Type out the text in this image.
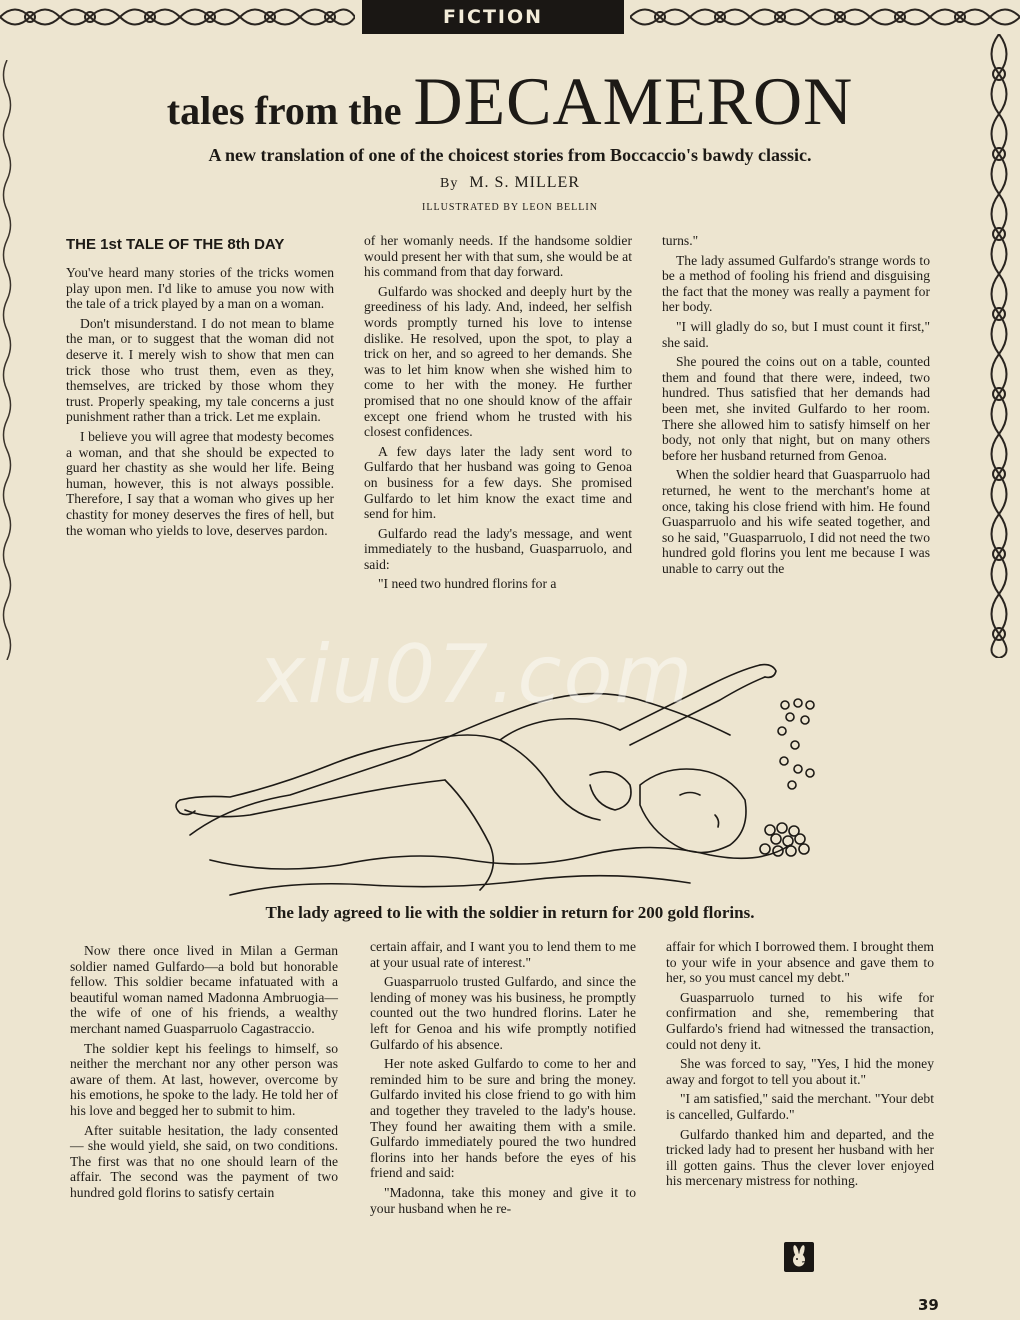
FICTION
tales from the DECAMERON
A new translation of one of the choicest stories from Boccaccio's bawdy classic.
By M. S. MILLER
ILLUSTRATED BY LEON BELLIN
THE 1st TALE OF THE 8th DAY

You've heard many stories of the tricks women play upon men. I'd like to amuse you now with the tale of a trick played by a man on a woman.

Don't misunderstand. I do not mean to blame the man, or to suggest that the woman did not deserve it. I merely wish to show that men can trick those who trust them, even as they, themselves, are tricked by those whom they trust. Properly speaking, my tale concerns a just punishment rather than a trick. Let me explain.

I believe you will agree that modesty becomes a woman, and that she should be expected to guard her chastity as she would her life. Being human, however, this is not always possible. Therefore, I say that a woman who gives up her chastity for money deserves the fires of hell, but the woman who yields to love, deserves pardon.

of her womanly needs. If the handsome soldier would present her with that sum, she would be at his command from that day forward.

Gulfardo was shocked and deeply hurt by the greediness of his lady. And, indeed, her selfish words promptly turned his love to intense dislike. He resolved, upon the spot, to play a trick on her, and so agreed to her demands. She was to let him know when she wished him to come to her with the money. He further promised that no one should know of the affair except one friend whom he trusted with his closest confidences.

A few days later the lady sent word to Gulfardo that her husband was going to Genoa on business for a few days. She promised Gulfardo to let him know the exact time and send for him.

Gulfardo read the lady's message, and went immediately to the husband, Guasparruolo, and said:

"I need two hundred florins for a

turns."

The lady assumed Gulfardo's strange words to be a method of fooling his friend and disguising the fact that the money was really a payment for her body.

"I will gladly do so, but I must count it first," she said.

She poured the coins out on a table, counted them and found that there were, indeed, two hundred. Thus satisfied that her demands had been met, she invited Gulfardo to her room. There she allowed him to satisfy himself on her body, not only that night, but on many others before her husband returned from Genoa.

When the soldier heard that Guasparruolo had returned, he went to the merchant's home at once, taking his close friend with him. He found Guasparruolo and his wife seated together, and so he said, "Guasparruolo, I did not need the two hundred gold florins you lent me because I was unable to carry out the

xiu07.com
The lady agreed to lie with the soldier in return for 200 gold florins.

Now there once lived in Milan a German soldier named Gulfardo—a bold but honorable fellow. This soldier became infatuated with a beautiful woman named Madonna Ambruogia—the wife of one of his friends, a wealthy merchant named Guasparruolo Cagastraccio.

The soldier kept his feelings to himself, so neither the merchant nor any other person was aware of them. At last, however, overcome by his emotions, he spoke to the lady. He told her of his love and begged her to submit to him.

After suitable hesitation, the lady consented — she would yield, she said, on two conditions. The first was that no one should learn of the affair. The second was the payment of two hundred gold florins to satisfy certain

certain affair, and I want you to lend them to me at your usual rate of interest."

Guasparruolo trusted Gulfardo, and since the lending of money was his business, he promptly counted out the two hundred florins. Later he left for Genoa and his wife promptly notified Gulfardo of his absence.

Her note asked Gulfardo to come to her and reminded him to be sure and bring the money. Gulfardo invited his close friend to go with him and together they traveled to the lady's house. They found her awaiting them with a smile. Gulfardo immediately poured the two hundred florins into her hands before the eyes of his friend and said:

"Madonna, take this money and give it to your husband when he re-

affair for which I borrowed them. I brought them to your wife in your absence and gave them to her, so you must cancel my debt."

Guasparruolo turned to his wife for confirmation and she, remembering that Gulfardo's friend had witnessed the transaction, could not deny it.

She was forced to say, "Yes, I hid the money away and forgot to tell you about it."

"I am satisfied," said the merchant. "Your debt is cancelled, Gulfardo."

Gulfardo thanked him and departed, and the tricked lady had to present her husband with her ill gotten gains. Thus the clever lover enjoyed his mercenary mistress for nothing.

39
